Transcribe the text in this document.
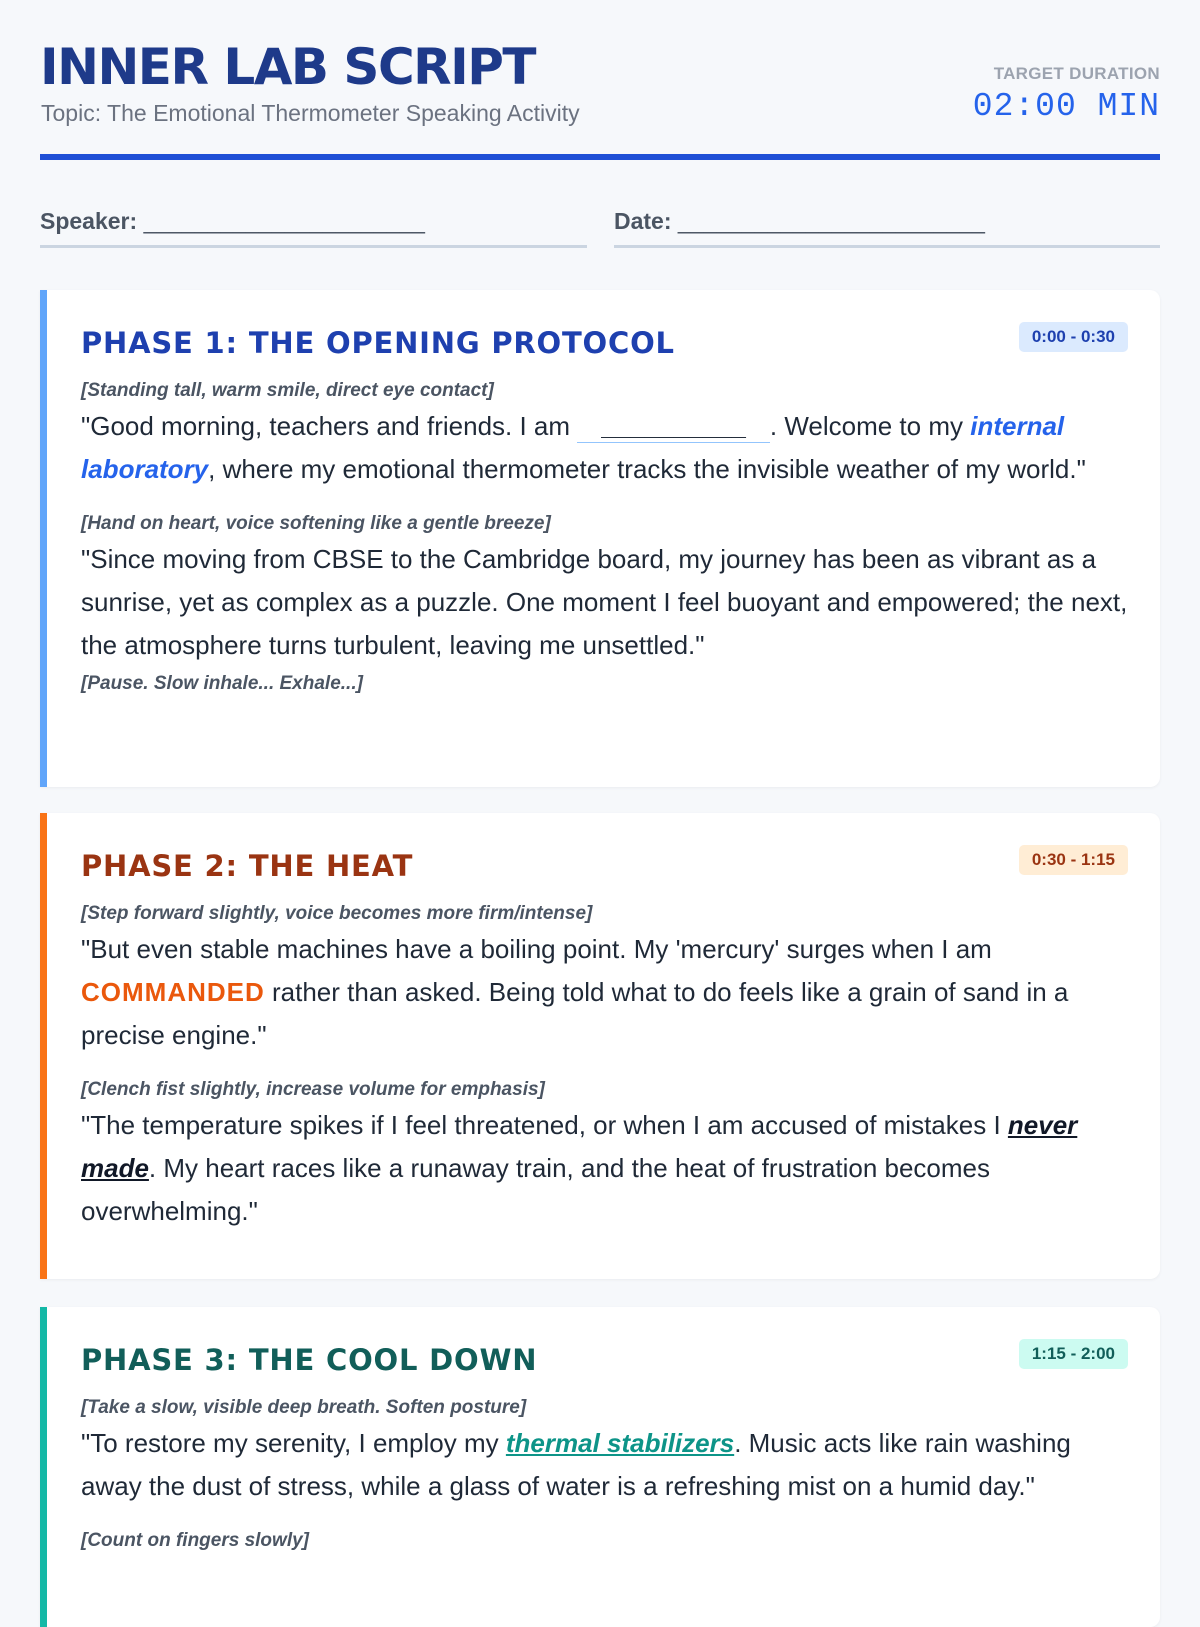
INNER LAB SCRIPT
Topic: The Emotional Thermometer Speaking Activity
TARGET DURATION
02:00 MIN
Speaker: ______________________	Date: ________________________
0:00 - 0:30
PHASE 1: THE OPENING PROTOCOL

[Standing tall, warm smile, direct eye contact]

"Good morning, teachers and friends. I am __________ . Welcome to my internal laboratory, where my emotional thermometer tracks the invisible weather of my world."

[Hand on heart, voice softening like a gentle breeze]

"Since moving from CBSE to the Cambridge board, my journey has been as vibrant as a sunrise, yet as complex as a puzzle. One moment I feel buoyant and empowered; the next, the atmosphere turns turbulent, leaving me unsettled."

[Pause. Slow inhale... Exhale...]

0:30 - 1:15
PHASE 2: THE HEAT

[Step forward slightly, voice becomes more firm/intense]

"But even stable machines have a boiling point. My 'mercury' surges when I am COMMANDED rather than asked. Being told what to do feels like a grain of sand in a precise engine."

[Clench fist slightly, increase volume for emphasis]

"The temperature spikes if I feel threatened, or when I am accused of mistakes I never made. My heart races like a runaway train, and the heat of frustration becomes overwhelming."

1:15 - 2:00
PHASE 3: THE COOL DOWN

[Take a slow, visible deep breath. Soften posture]

"To restore my serenity, I employ my thermal stabilizers. Music acts like rain washing away the dust of stress, while a glass of water is a refreshing mist on a humid day."

[Count on fingers slowly]
